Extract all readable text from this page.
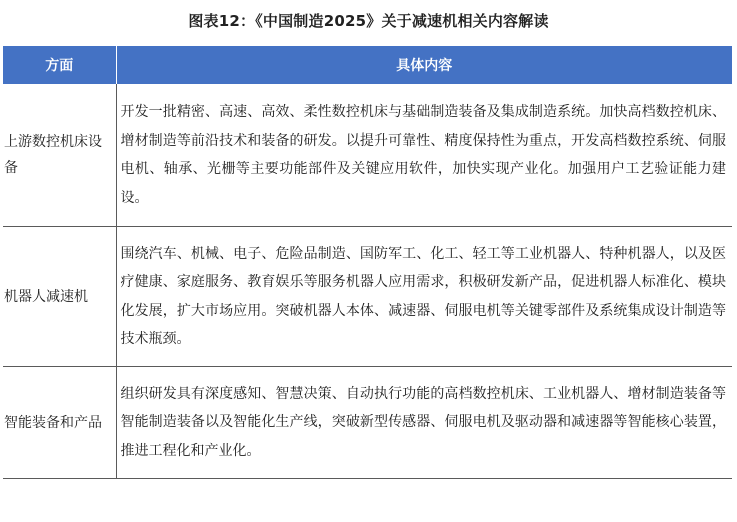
图表12：《中国制造2025》关于减速机相关内容解读
方面	具体内容
上游数控机床设备	开发一批精密、高速、高效、柔性数控机床与基础制造装备及集成制造系统。加快高档数控机床、增材制造等前沿技术和装备的研发。以提升可靠性、精度保持性为重点，开发高档数控系统、伺服电机、轴承、光栅等主要功能部件及关键应用软件，加快实现产业化。加强用户工艺验证能力建设。
机器人减速机	围绕汽车、机械、电子、危险品制造、国防军工、化工、轻工等工业机器人、特种机器人，以及医疗健康、家庭服务、教育娱乐等服务机器人应用需求，积极研发新产品，促进机器人标准化、模块化发展，扩大市场应用。突破机器人本体、减速器、伺服电机等关键零部件及系统集成设计制造等技术瓶颈。
智能装备和产品	组织研发具有深度感知、智慧决策、自动执行功能的高档数控机床、工业机器人、增材制造装备等智能制造装备以及智能化生产线，突破新型传感器、伺服电机及驱动器和减速器等智能核心装置，推进工程化和产业化。
